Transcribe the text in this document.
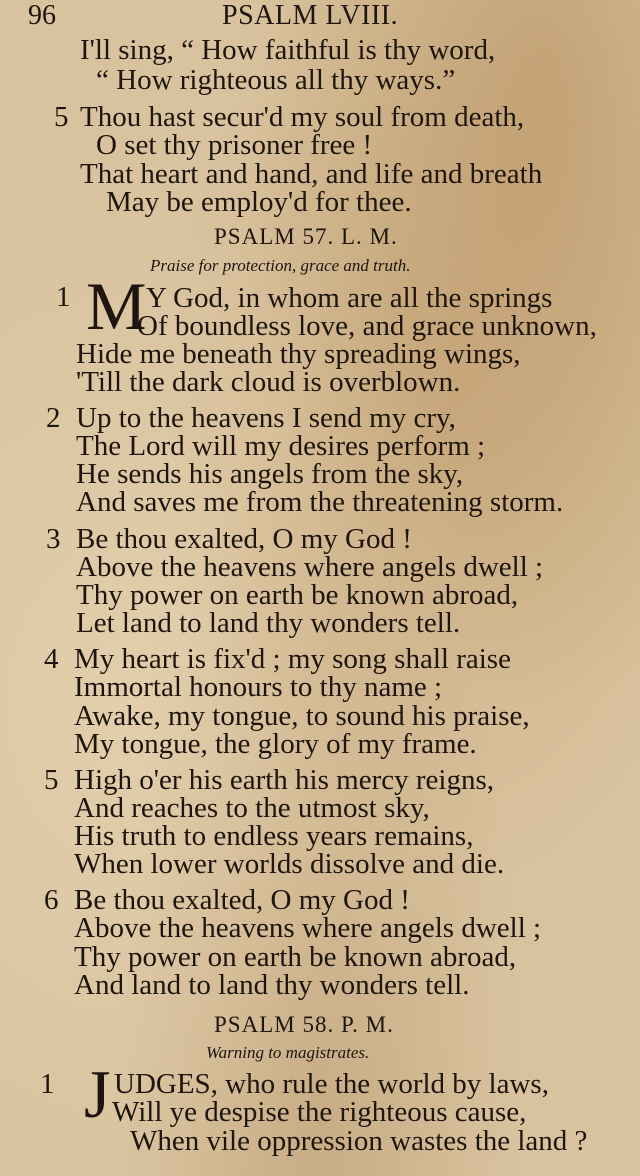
96	PSALM LVIII.
I'll sing, “ How faithful is thy word,
“ How righteous all thy ways.”
5 Thou hast secur'd my soul from death,
O set thy prisoner free !
That heart and hand, and life and breath
May be employ'd for thee.
PSALM 57. L. M.
Praise for protection, grace and truth.
1 M Y God, in whom are all the springs
Of boundless love, and grace unknown,
Hide me beneath thy spreading wings,
'Till the dark cloud is overblown.
2 Up to the heavens I send my cry,
The Lord will my desires perform ;
He sends his angels from the sky,
And saves me from the threatening storm.
3 Be thou exalted, O my God !
Above the heavens where angels dwell ;
Thy power on earth be known abroad,
Let land to land thy wonders tell.
4 My heart is fix'd ; my song shall raise
Immortal honours to thy name ;
Awake, my tongue, to sound his praise,
My tongue, the glory of my frame.
5 High o'er his earth his mercy reigns,
And reaches to the utmost sky,
His truth to endless years remains,
When lower worlds dissolve and die.
6 Be thou exalted, O my God !
Above the heavens where angels dwell ;
Thy power on earth be known abroad,
And land to land thy wonders tell.
PSALM 58. P. M.
Warning to magistrates.
1 J UDGES, who rule the world by laws,
Will ye despise the righteous cause,
When vile oppression wastes the land ?
